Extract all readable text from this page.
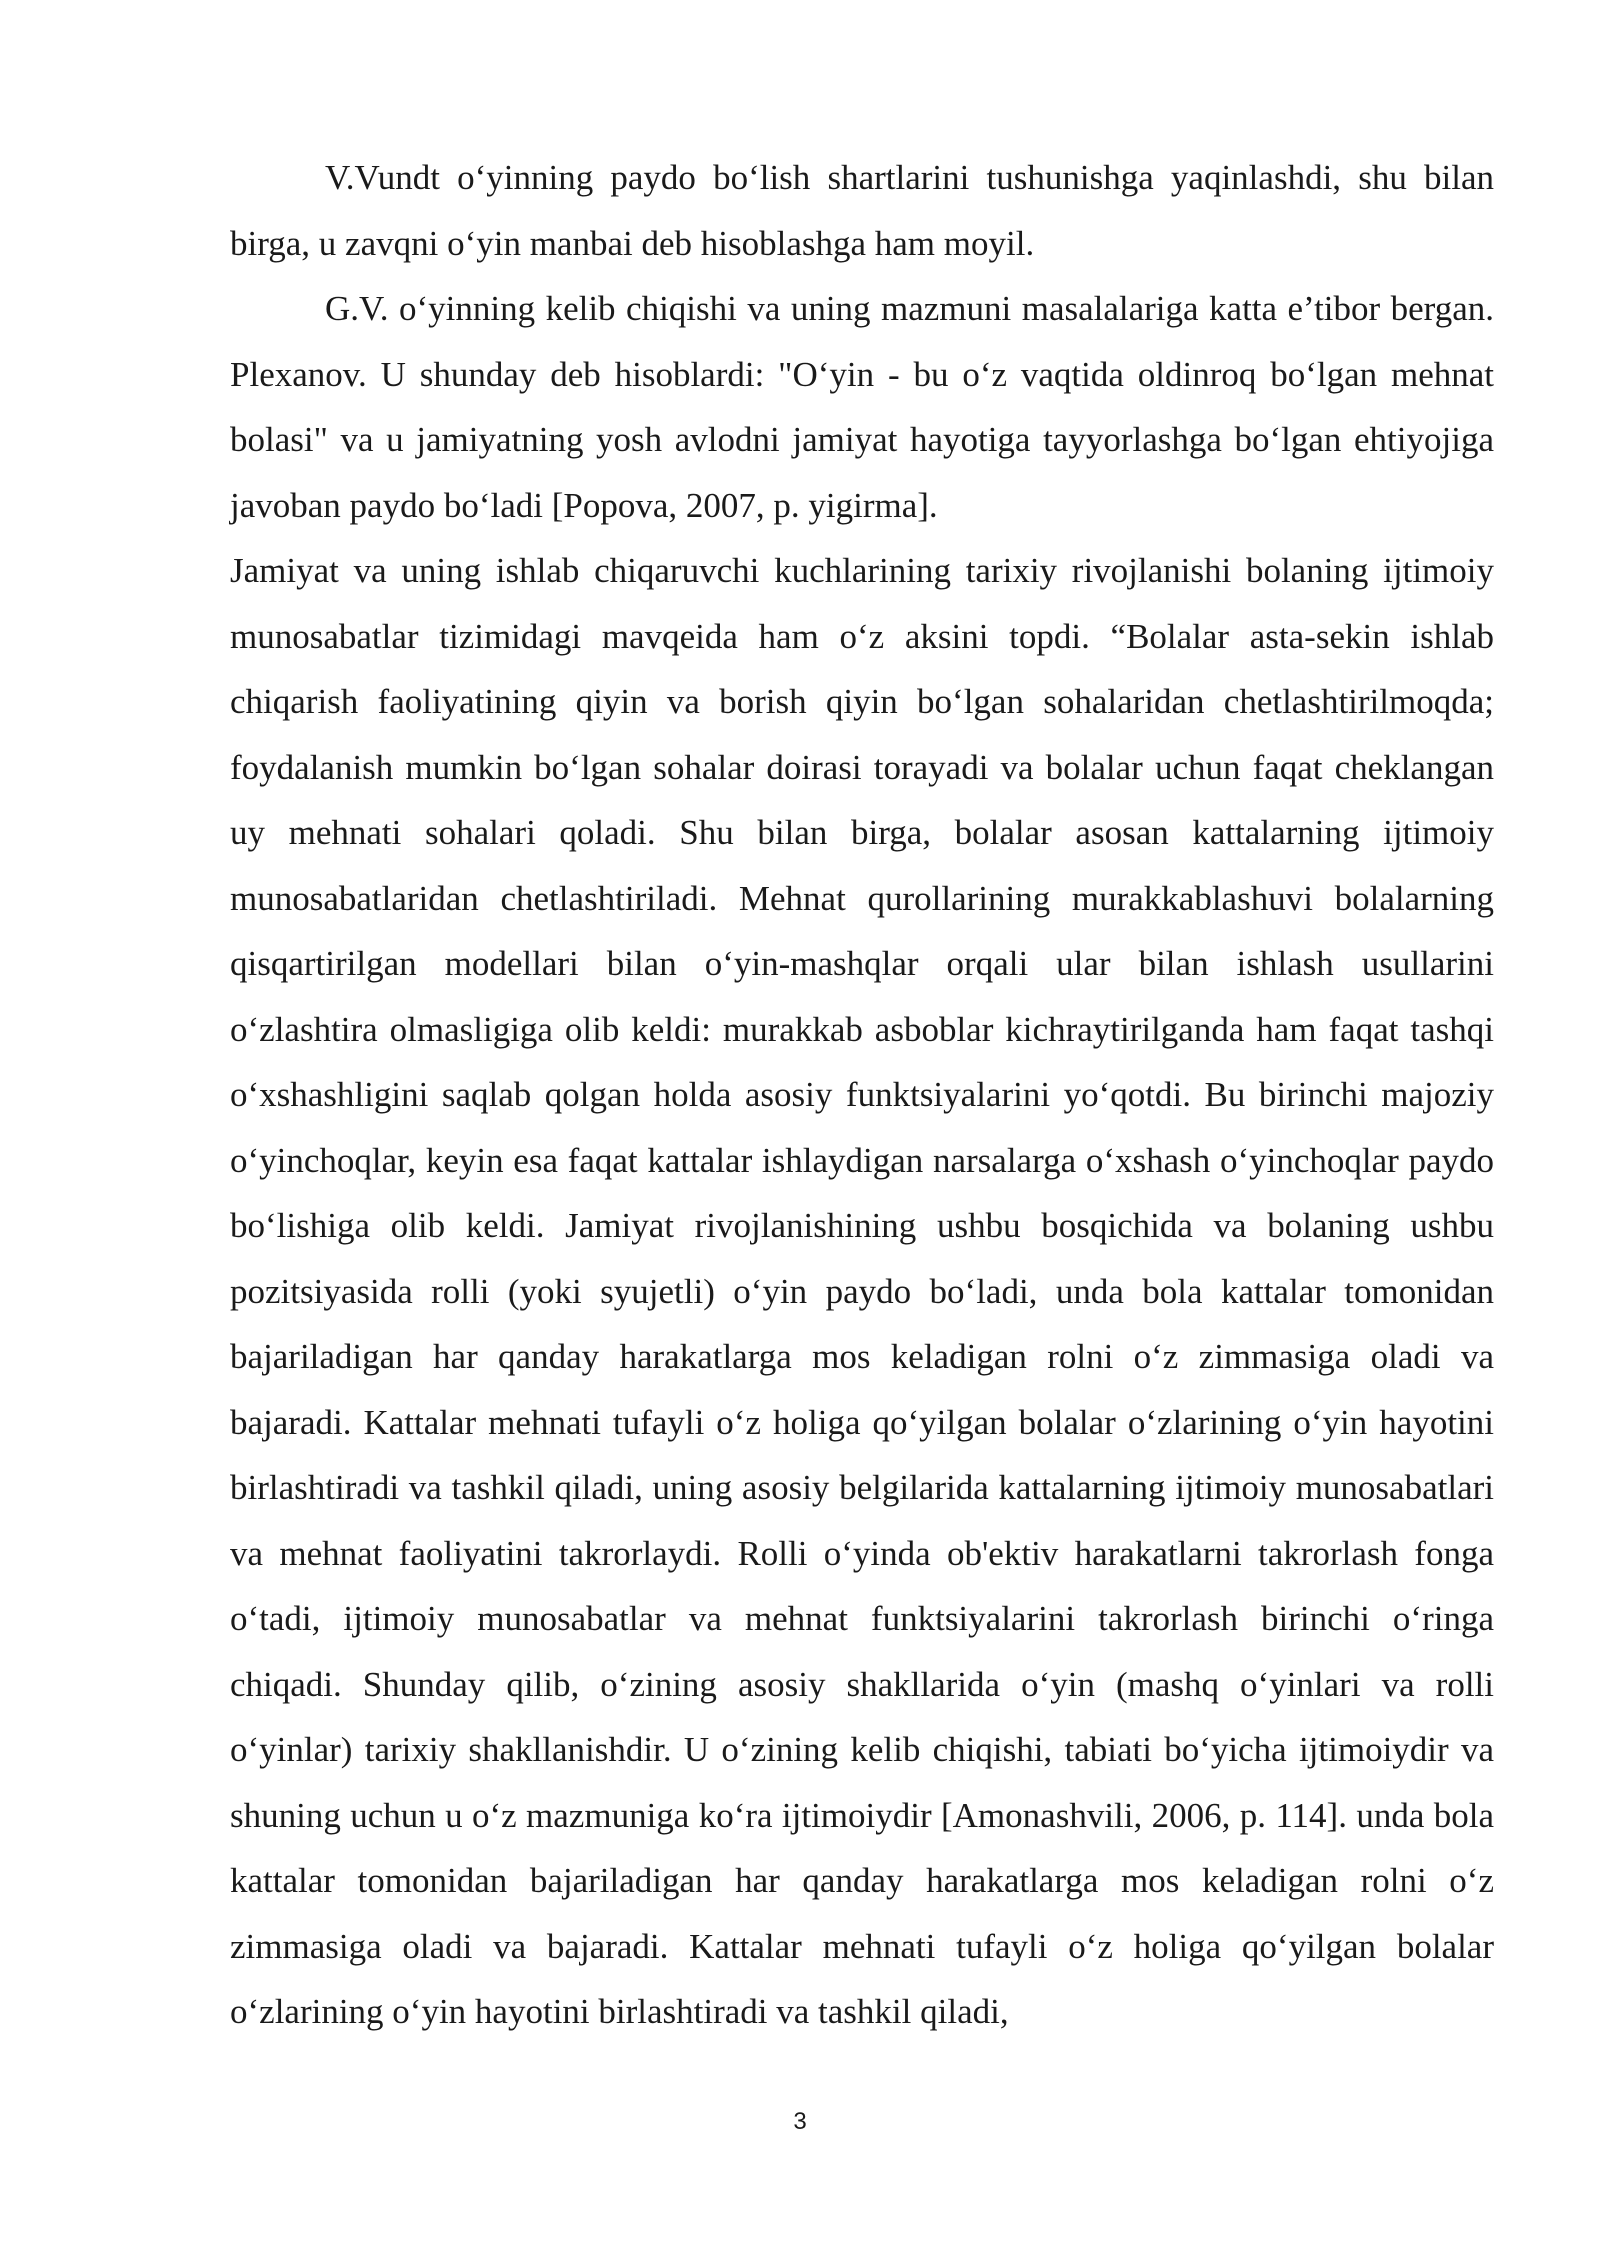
V.Vundt o‘yinning paydo bo‘lish shartlarini tushunishga yaqinlashdi, shu bilan birga, u zavqni o‘yin manbai deb hisoblashga ham moyil.

G.V. o‘yinning kelib chiqishi va uning mazmuni masalalariga katta e’tibor bergan. Plexanov. U shunday deb hisoblardi: "O‘yin - bu o‘z vaqtida oldinroq bo‘lgan mehnat bolasi" va u jamiyatning yosh avlodni jamiyat hayotiga tayyorlashga bo‘lgan ehtiyojiga javoban paydo bo‘ladi [Popova, 2007, p. yigirma].

Jamiyat va uning ishlab chiqaruvchi kuchlarining tarixiy rivojlanishi bolaning ijtimoiy munosabatlar tizimidagi mavqeida ham o‘z aksini topdi. “Bolalar asta-sekin ishlab chiqarish faoliyatining qiyin va borish qiyin bo‘lgan sohalaridan chetlashtirilmoqda; foydalanish mumkin bo‘lgan sohalar doirasi torayadi va bolalar uchun faqat cheklangan uy mehnati sohalari qoladi. Shu bilan birga, bolalar asosan kattalarning ijtimoiy munosabatlaridan chetlashtiriladi. Mehnat qurollarining murakkablashuvi bolalarning qisqartirilgan modellari bilan o‘yin-mashqlar orqali ular bilan ishlash usullarini o‘zlashtira olmasligiga olib keldi: murakkab asboblar kichraytirilganda ham faqat tashqi o‘xshashligini saqlab qolgan holda asosiy funktsiyalarini yo‘qotdi. Bu birinchi majoziy o‘yinchoqlar, keyin esa faqat kattalar ishlaydigan narsalarga o‘xshash o‘yinchoqlar paydo bo‘lishiga olib keldi. Jamiyat rivojlanishining ushbu bosqichida va bolaning ushbu pozitsiyasida rolli (yoki syujetli) o‘yin paydo bo‘ladi, unda bola kattalar tomonidan bajariladigan har qanday harakatlarga mos keladigan rolni o‘z zimmasiga oladi va bajaradi. Kattalar mehnati tufayli o‘z holiga qo‘yilgan bolalar o‘zlarining o‘yin hayotini birlashtiradi va tashkil qiladi, uning asosiy belgilarida kattalarning ijtimoiy munosabatlari va mehnat faoliyatini takrorlaydi. Rolli o‘yinda ob'ektiv harakatlarni takrorlash fonga o‘tadi, ijtimoiy munosabatlar va mehnat funktsiyalarini takrorlash birinchi o‘ringa chiqadi. Shunday qilib, o‘zining asosiy shakllarida o‘yin (mashq o‘yinlari va rolli o‘yinlar) tarixiy shakllanishdir. U o‘zining kelib chiqishi, tabiati bo‘yicha ijtimoiydir va shuning uchun u o‘z mazmuniga ko‘ra ijtimoiydir [Amonashvili, 2006, p. 114]. unda bola kattalar tomonidan bajariladigan har qanday harakatlarga mos keladigan rolni o‘z zimmasiga oladi va bajaradi. Kattalar mehnati tufayli o‘z holiga qo‘yilgan bolalar o‘zlarining o‘yin hayotini birlashtiradi va tashkil qiladi,

3
